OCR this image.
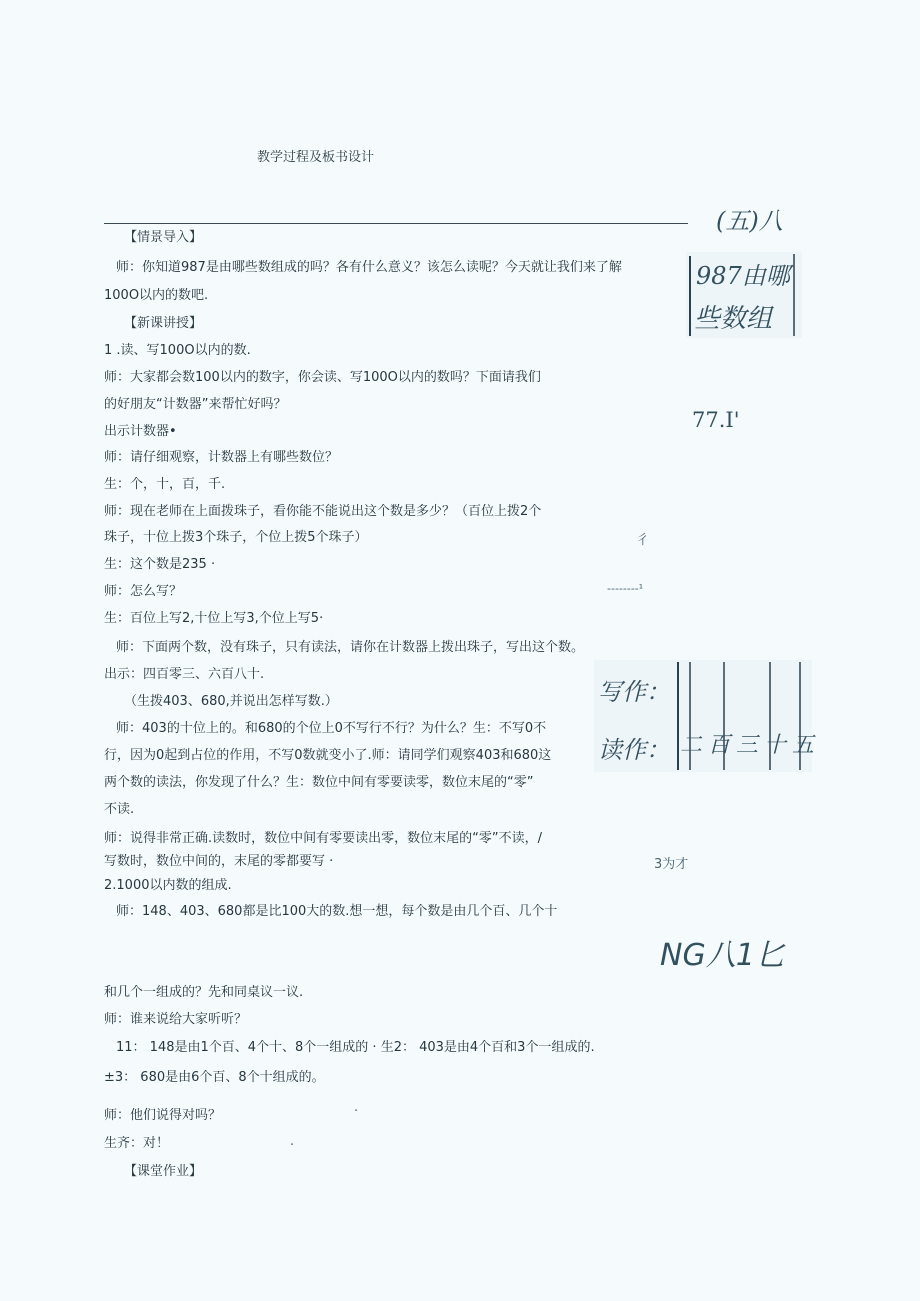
教学过程及板书设计
【情景导入】
师：你知道987是由哪些数组成的吗？各有什么意义？该怎么读呢？今天就让我们来了解
100O以内的数吧.
【新课讲授】
1 .读、写100O以内的数.
师：大家都会数100以内的数字，你会读、写100O以内的数吗？下面请我们
的好朋友“计数器”来帮忙好吗？
出示计数器•
师：请仔细观察，计数器上有哪些数位？
生：个，十，百，千.
师：现在老师在上面拨珠子，看你能不能说出这个数是多少？（百位上拨2个
珠子，十位上拨3个珠子，个位上拨5个珠子）
生：这个数是235 ·
师：怎么写？
生：百位上写2,十位上写3,个位上写5·
师：下面两个数，没有珠子，只有读法，请你在计数器上拨出珠子，写出这个数。
出示：四百零三、六百八十.
（生拨403、680,并说出怎样写数.）
师：403的十位上的。和680的个位上0不写行不行？为什么？生：不写0不
行，因为0起到占位的作用，不写0数就变小了.师：请同学们观察403和680这
两个数的读法，你发现了什么？生：数位中间有零要读零，数位末尾的“零”
不读.
师：说得非常正确.读数时，数位中间有零要读出零，数位末尾的“零”不读，/
写数时，数位中间的，末尾的零都要写 ·
2.1000以内数的组成.
师：148、403、680都是比100大的数.想一想，每个数是由几个百、几个十
和几个一组成的？先和同桌议一议.
师：谁来说给大家听听？
11： 148是由1个百、4个十、8个一组成的 · 生2： 403是由4个百和3个一组成的.
±3： 680是由6个百、8个十组成的。
师：他们说得对吗？
生齐：对！
【课堂作业】
(五)八
77.I'
彳
--------¹
3为才
NG八1匕
·
.
987由哪
些数组
写作：
读作： 二百三十五
